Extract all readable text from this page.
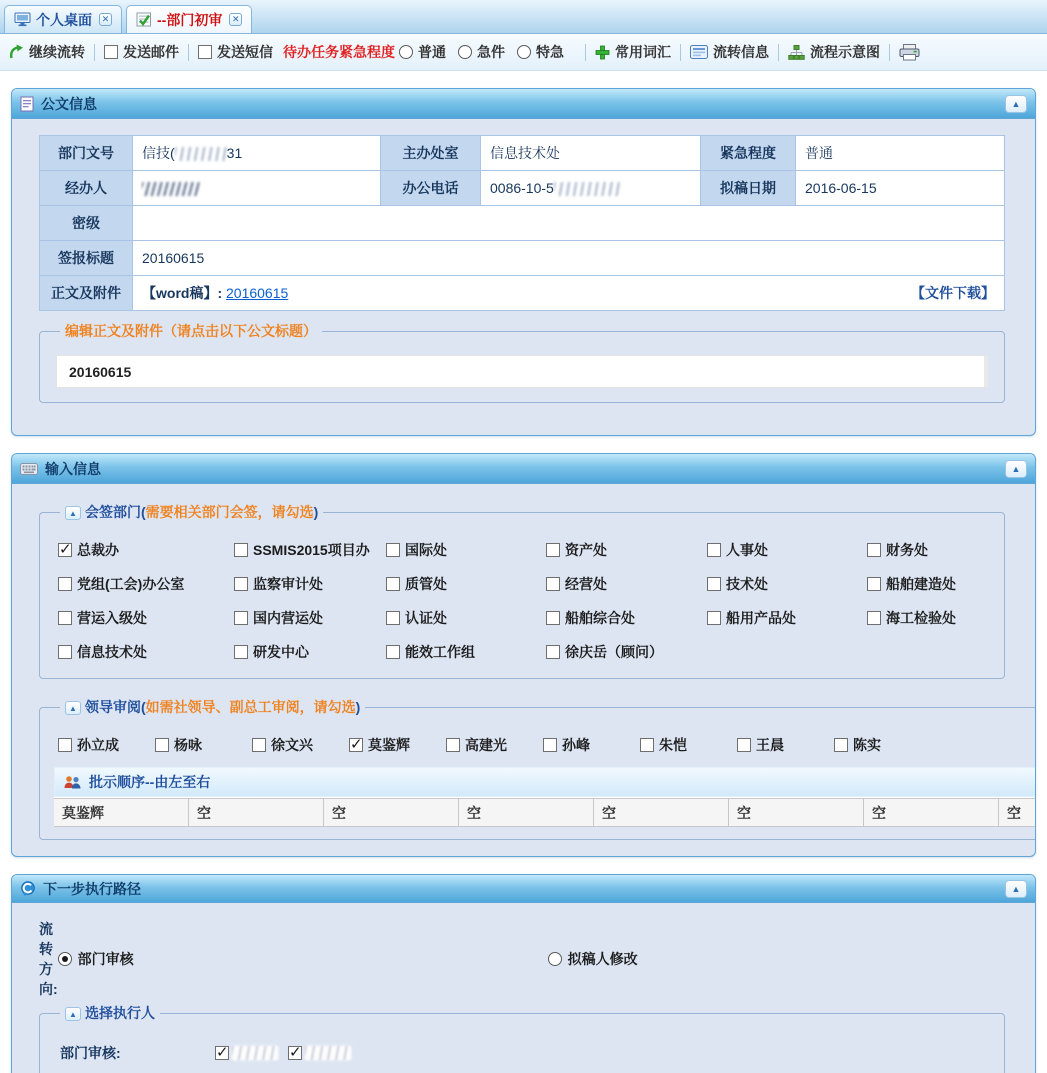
个人桌面	✕	--部门初审	✕
继续流转	发送邮件	发送短信 待办任务紧急程度 普通 急件 特急	常用词汇	流转信息	流程示意图
公文信息	▲
部门文号	信技( 31	主办处室	信息技术处	紧急程度	普通
经办人		办公电话	0086-10-5	拟稿日期	2016-06-15
密级					
签报标题	20160615				
正文及附件	【word稿】: 20160615 【文件下载】				
编辑正文及附件（请点击以下公文标题）
20160615
输入信息	▲
▲ 会签部门(需要相关部门会签，请勾选)
✓
总裁办	SSMIS2015项目办	国际处	资产处	人事处	财务处
党组(工会)办公室	监察审计处	质管处	经营处	技术处	船舶建造处
营运入级处	国内营运处	认证处	船舶综合处	船用产品处	海工检验处
信息技术处	研发中心	能效工作组	徐庆岳（顾问）
▲ 领导审阅(如需社领导、副总工审阅，请勾选)
孙立成	杨咏	徐文兴 ✓	莫鉴辉	高建光	孙峰	朱恺	王晨	陈实
批示顺序--由左至右
莫鉴辉	空	空	空	空	空	空	空
下一步执行路径	▲
流转方向:
部门审核	拟稿人修改
▲ 选择执行人
部门审核:
✓
✓
